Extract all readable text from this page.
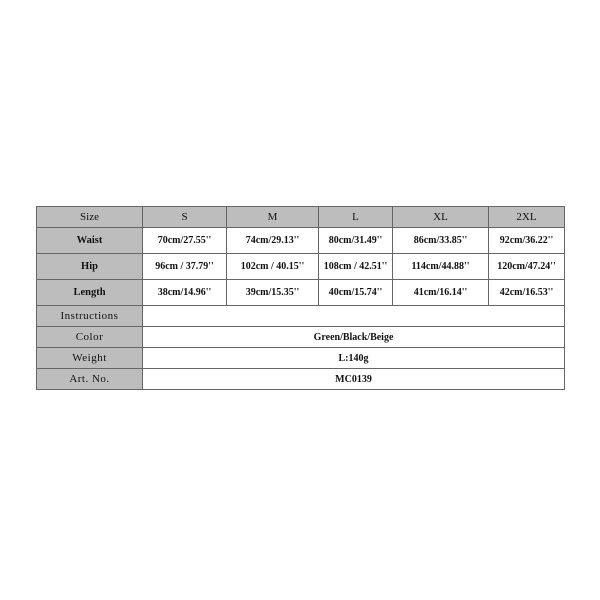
Size	S	M	L	XL	2XL
Waist	70cm/27.55''	74cm/29.13''	80cm/31.49''	86cm/33.85''	92cm/36.22''
Hip	96cm / 37.79''	102cm / 40.15''	108cm / 42.51''	114cm/44.88''	120cm/47.24''
Length	38cm/14.96''	39cm/15.35''	40cm/15.74''	41cm/16.14''	42cm/16.53''
Instructions					
Color	Green/Black/Beige				
Weight	L:140g				
Art. No.	MC0139				
